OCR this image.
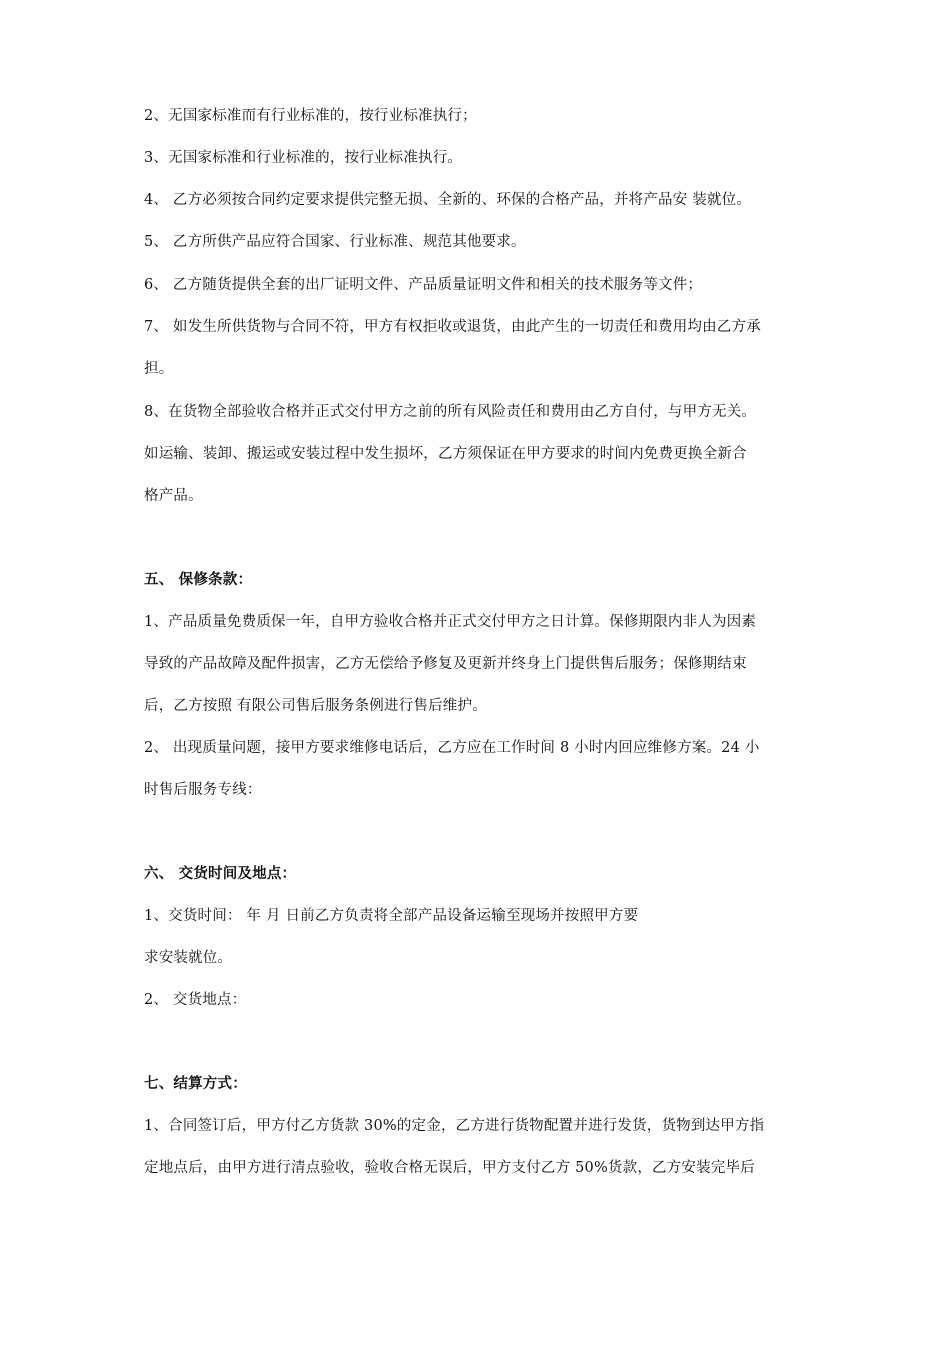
2、无国家标准而有行业标准的，按行业标准执行；
3、无国家标准和行业标准的，按行业标准执行。
4、 乙方必须按合同约定要求提供完整无损、全新的、环保的合格产品，并将产品安 装就位。
5、 乙方所供产品应符合国家、行业标准、规范其他要求。
6、 乙方随货提供全套的出厂证明文件、产品质量证明文件和相关的技术服务等文件；
7、 如发生所供货物与合同不符，甲方有权拒收或退货，由此产生的一切责任和费用均由乙方承
担。
8、在货物全部验收合格并正式交付甲方之前的所有风险责任和费用由乙方自付，与甲方无关。
如运输、装卸、搬运或安装过程中发生损坏，乙方须保证在甲方要求的时间内免费更换全新合
格产品。
五、 保修条款：
1、产品质量免费质保一年，自甲方验收合格并正式交付甲方之日计算。保修期限内非人为因素
导致的产品故障及配件损害，乙方无偿给予修复及更新并终身上门提供售后服务；保修期结束
后，乙方按照 有限公司售后服务条例进行售后维护。
2、 出现质量问题，接甲方要求维修电话后，乙方应在工作时间 8 小时内回应维修方案。24 小
时售后服务专线：
六、 交货时间及地点：
1、交货时间： 年 月 日前乙方负责将全部产品设备运输至现场并按照甲方要
求安装就位。
2、 交货地点：
七、结算方式：
1、合同签订后，甲方付乙方货款 30%的定金，乙方进行货物配置并进行发货，货物到达甲方指
定地点后，由甲方进行清点验收，验收合格无误后，甲方支付乙方 50%货款，乙方安装完毕后
